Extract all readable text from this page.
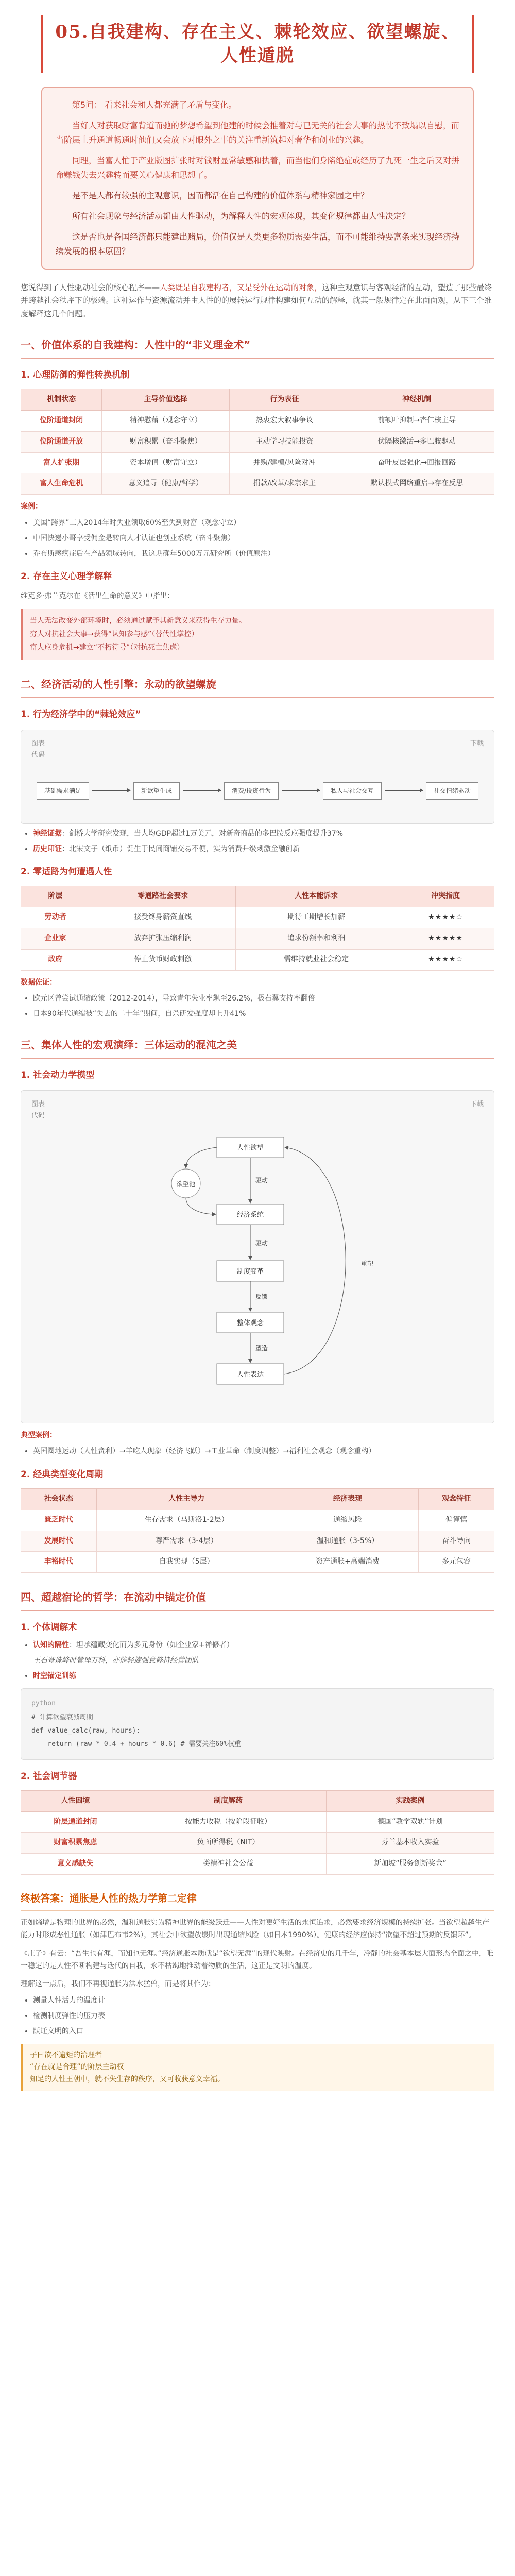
05.自我建构、存在主义、棘轮效应、欲望螺旋、人性遁脱

第5问： 看来社会和人都充满了矛盾与变化。

当好人对获取财富背道而驰的梦想希望到他建的时候会推着对与已无关的社会大事的热忱不致塌以自慰，而当阶层上升通道畅通时他们又会放下对眼外之事的关注重新筑起对奢华和创业的兴趣。

同理，当富人忙于产业版图扩张时对钱财显常敏感和执着，而当他们身陷绝症或经历了九死一生之后又对拼命赚钱失去兴趣转而要关心健康和思想了。

是不是人都有较强的主观意识，因而都活在自己构建的价值体系与精神家园之中？

所有社会现象与经济活动都由人性驱动，为解释人性的宏观体现，其变化规律都由人性决定？

这是否也是各国经济都只能建出赌局，价值仅是人类更多物质需要生活，而不可能维持要富条来实现经济持续发展的根本原因？

您说得到了人性驱动社会的核心程序——人类既是自我建构者，又是受外在运动的对象，这种主观意识与客观经济的互动，塑造了那些最终并跨越社会秩序下的极端。这种运作与资源流动并由人性的的展转运行规律构建如何互动的解释，就其一般规律定在此面面观，从下三个维度解释这几个问题。

一、价值体系的自我建构：人性中的“非义理金术”
1. 心理防御的弹性转换机制
机制状态	主导价值选择	行为表征	神经机制
位阶通道封闭	精神慰藉（观念守立）	热衷宏大叙事争议	前额叶抑制→杏仁核主导
位阶通道开放	财富积累（奋斗聚焦）	主动学习技能投资	伏隔核激活→多巴胺驱动
富人扩张期	资本增值（财富守立）	并购/建模/风险对冲	奋叶皮层强化→回报回路
富人生命危机	意义追寻（健康/哲学）	捐款/改革/求宗求主	默认模式网络重启→存在反思

案例：

• 美国“跨界”工人2014年时失业领取60%至失到财富（观念守立）
• 中国快递小哥享受佣金是转向人才认证也创业系统（奋斗聚焦）
• 乔布斯感癌症后在产品领域转向，我这期确年5000万元研究所（价值原注）
2. 存在主义心理学解释

维克多·弗兰克尔在《活出生命的意义》中指出：

当人无法改变外部环境时，必须通过赋予其新意义来获得生存力量。

穷人对抗社会大事→获得“认知参与感”（替代性掌控）

富人应身危机→建立“不朽符号”（对抗死亡焦虑）

二、经济活动的人性引擎：永动的欲望螺旋
1. 行为经济学中的“棘轮效应”
图表	下载
代码
基础需求满足	新欲望生成	消费/投资行为	私人与社会交互	社交情绪驱动
• 神经证据：剑桥大学研究发现，当人均GDP超过1万美元，对新奇商品的多巴胺反应强度提升37%
• 历史印证：北宋文子（纸币）诞生于民间商铺交易不便，实为消费升级刺激金融创新
2. 零适路为何遭遇人性
阶层	零通路社会要求	人性本能诉求	冲突指度
劳动者	接受终身薪资直线	期待工期增长加薪	★★★★☆
企业家	放弃扩张压缩利润	追求份额率和利润	★★★★★
政府	停止货币财政刺激	需维持就业社会稳定	★★★★☆

数据佐证：

• 欧元区曾尝试通缩政策（2012-2014），导致青年失业率飙至26.2%，极右翼支持率翻倍
• 日本90年代通缩被“失去的二十年”期间，自杀研发强度却上升41%
三、集体人性的宏观演绎：三体运动的混沌之美
1. 社会动力学模型
图表	下载
代码
人性欲望
欲望池
经济系统
制度变革
整体观念
人性表达
驱动
驱动
反馈
塑造
重塑

典型案例：

• 英国圈地运动（人性贪利）→羊吃人现象（经济飞跃）→工业革命（制度调整）→福利社会观念（观念重构）
2. 经典类型变化周期
社会状态	人性主导力	经济表现	观念特征
匮乏时代	生存需求（马斯洛1-2层）	通缩风险	偏谨慎
发展时代	尊严需求（3-4层）	温和通胀（3-5%）	奋斗导向
丰裕时代	自我实现（5层）	资产通胀+高端消费	多元包容
四、超越宿论的哲学：在流动中锚定价值
1. 个体调解术
• 认知的隔性：坦承蕴藏变化而为多元身份（如企业家+禅修者）
王石登珠峰时管理万科，亦能轻旋强意修持经营团队
• 时空锚定训练
python
# 计算欲望衰减周期
def value_calc(raw, hours):
return (raw * 0.4 + hours * 0.6) # 需要关注60%权重
2. 社会调节器
人性困境	制度解药	实践案例
阶层通道封闭	按能力收税（按阶段征收）	德国“教学双轨”计划
财富积累焦虑	负面所得税（NIT）	芬兰基本收入实验
意义感缺失	类精神社会公益	新加坡“服务创新奖金”
终极答案：通胀是人性的热力学第二定律

正如熵增是物理的世界的必然，温和通胀实为精神世界的能级跃迁——人性对更好生活的永恒追求，必然要求经济规模的持续扩张。当欲望超越生产能力时形成恶性通胀（如津巴布韦2%），其社会中欲望放缓时出现通缩风险（如日本1990%）。健康的经济应保持“欲望不超过预期的反馈环”。

《庄子》有云：“吾生也有涯，而知也无涯。”经济通胀本质就是“欲望无涯”的现代映射。在经济史的几千年，冷静的社会基本层大面形态全面之中，唯一稳定的是人性不断构建与迭代的自我，永不枯竭地推动着物质的生活，这正是文明的温度。

理解这一点后，我们不再视通胀为洪水猛兽，而是将其作为：

• 测量人性活力的温度计
• 检测制度弹性的压力表
• 跃迁文明的入口

子曰欲不逾矩的治理者

“存在就是合理”的阶层主动权

知足的人性王朝中，就不失生存的秩序，又可收获意义幸福。
